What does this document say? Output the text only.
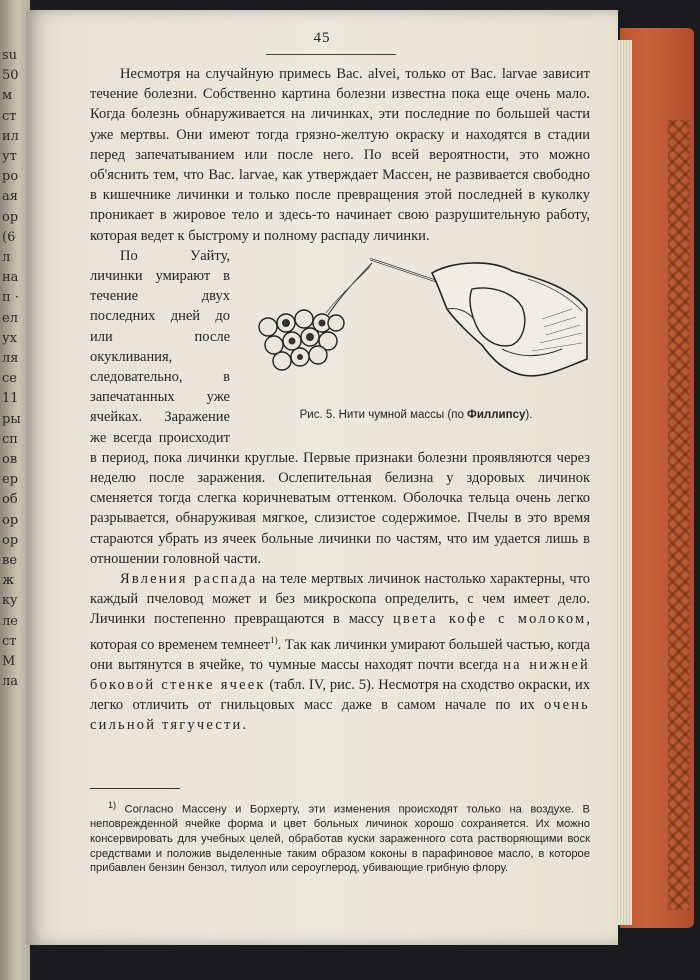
su
50
м
ст
ил
ут
ро
ая
ор
(6
л
на
п ·
ел
ух
ля
се
11
ры
сп
ов
ер
об
ор
ор
ве
ж
кy
ле
ст
М
ла
45

Несмотря на случайную примесь Bac. alvei, только от Bac. larvae зависит течение болезни. Собственно картина болезни известна пока еще очень мало. Когда болезнь обнаруживается на личинках, эти последние по большей части уже мертвы. Они имеют тогда грязно-желтую окраску и находятся в стадии перед запечатыванием или после него. По всей вероятности, это можно об'яснить тем, что Bac. larvae, как утверждает Массен, не развивается свободно в кишечнике личинки и только после превращения этой последней в куколку проникает в жировое тело и здесь-то начинает свою разрушительную работу, которая ведет к быстрому и полному распаду личинки.

Рис. 5. Нити чумной массы (по Филлипсу).

По Уайту, личинки умирают в течение двух последних дней до или после окукливания, следовательно, в запечатанных уже ячейках. Заражение же всегда происходит в период, пока личинки круглые. Первые признаки болезни проявляются через неделю после заражения. Ослепительная белизна у здоровых личинок сменяется тогда слегка коричневатым оттенком. Оболочка тельца очень легко разрывается, обнаруживая мягкое, слизистое содержимое. Пчелы в это время стараются убрать из ячеек больные личинки по частям, что им удается лишь в отношении головной части.

Явления распада на теле мертвых личинок настолько характерны, что каждый пчеловод может и без микроскопа определить, с чем имеет дело. Личинки постепенно превращаются в массу цвета кофе с молоком, которая со временем темнеет$^{1)}$. Так как личинки умирают большей частью, когда они вытянутся в ячейке, то чумные массы находят почти всегда на нижней боковой стенке ячеек (табл. IV, рис. 5). Несмотря на сходство окраски, их легко отличить от гнильцовых масс даже в самом начале по их очень сильной тягучести.

$^{1)}$ Согласно Массену и Борхерту, эти изменения происходят только на воздухе. В неповрежденной ячейке форма и цвет больных личинок хорошо сохраняется. Их можно консервировать для учебных целей, обработав куски зараженного сота растворяющими воск средствами и положив выделенные таким образом коконы в парафиновое масло, в которое прибавлен бензин бензол, тилуол или сероуглерод, убивающие грибную флору.
